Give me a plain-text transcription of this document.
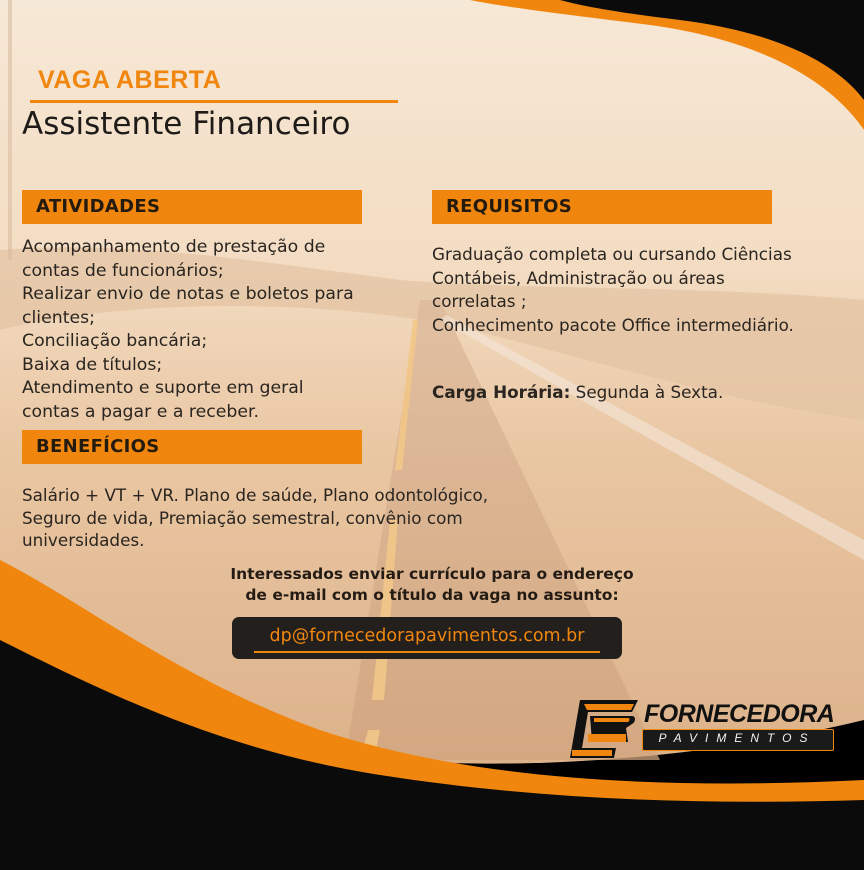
VAGA ABERTA
Assistente Financeiro
ATIVIDADES
Acompanhamento de prestação de
contas de funcionários;
Realizar envio de notas e boletos para
clientes;
Conciliação bancária;
Baixa de títulos;
Atendimento e suporte em geral
contas a pagar e a receber.
REQUISITOS
Graduação completa ou cursando Ciências
Contábeis, Administração ou áreas
correlatas ;
Conhecimento pacote Office intermediário.
Carga Horária: Segunda à Sexta.
BENEFÍCIOS
Salário + VT + VR. Plano de saúde, Plano odontológico,
Seguro de vida, Premiação semestral, convênio com
universidades.
Interessados enviar currículo para o endereço
de e-mail com o título da vaga no assunto:
dp@fornecedorapavimentos.com.br
FORNECEDORA
PAVIMENTOS
